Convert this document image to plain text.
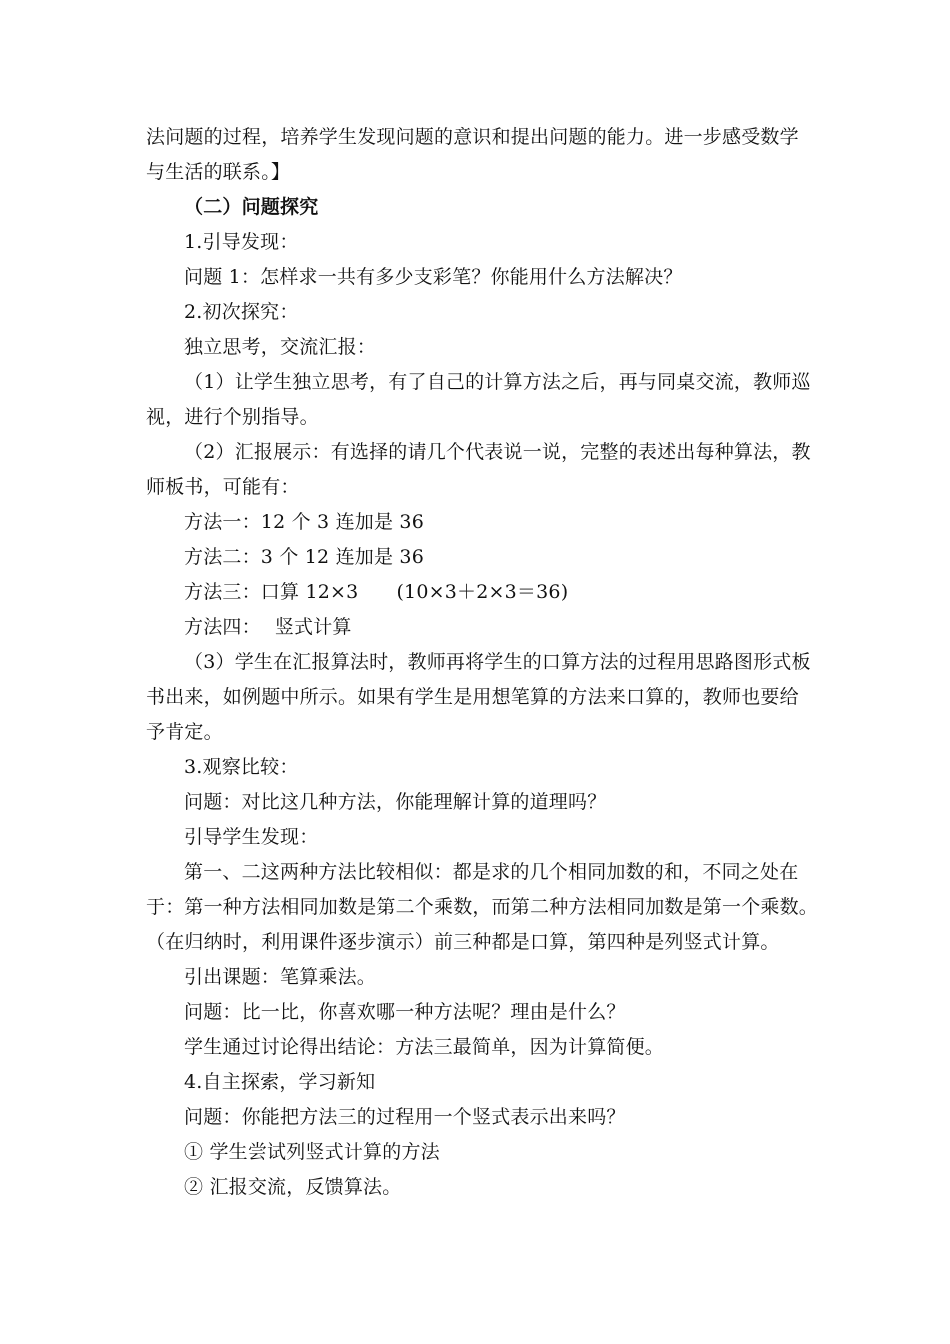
法问题的过程，培养学生发现问题的意识和提出问题的能力。进一步感受数学
与生活的联系。】
（二）问题探究
1.引导发现：
问题 1：怎样求一共有多少支彩笔？你能用什么方法解决？
2.初次探究：
独立思考，交流汇报：
（1）让学生独立思考，有了自己的计算方法之后，再与同桌交流，教师巡
视，进行个别指导。
（2）汇报展示：有选择的请几个代表说一说，完整的表述出每种算法，教
师板书，可能有：
方法一：12 个 3 连加是 36
方法二：3 个 12 连加是 36
方法三：口算 12×3 (10×3＋2×3＝36)
方法四： 竖式计算
（3）学生在汇报算法时，教师再将学生的口算方法的过程用思路图形式板
书出来，如例题中所示。如果有学生是用想笔算的方法来口算的，教师也要给
予肯定。
3.观察比较：
问题：对比这几种方法，你能理解计算的道理吗？
引导学生发现：
第一、二这两种方法比较相似：都是求的几个相同加数的和，不同之处在
于：第一种方法相同加数是第二个乘数，而第二种方法相同加数是第一个乘数。
（在归纳时，利用课件逐步演示）前三种都是口算，第四种是列竖式计算。
引出课题：笔算乘法。
问题：比一比，你喜欢哪一种方法呢？理由是什么？
学生通过讨论得出结论：方法三最简单，因为计算简便。
4.自主探索，学习新知
问题：你能把方法三的过程用一个竖式表示出来吗？
① 学生尝试列竖式计算的方法
② 汇报交流，反馈算法。
